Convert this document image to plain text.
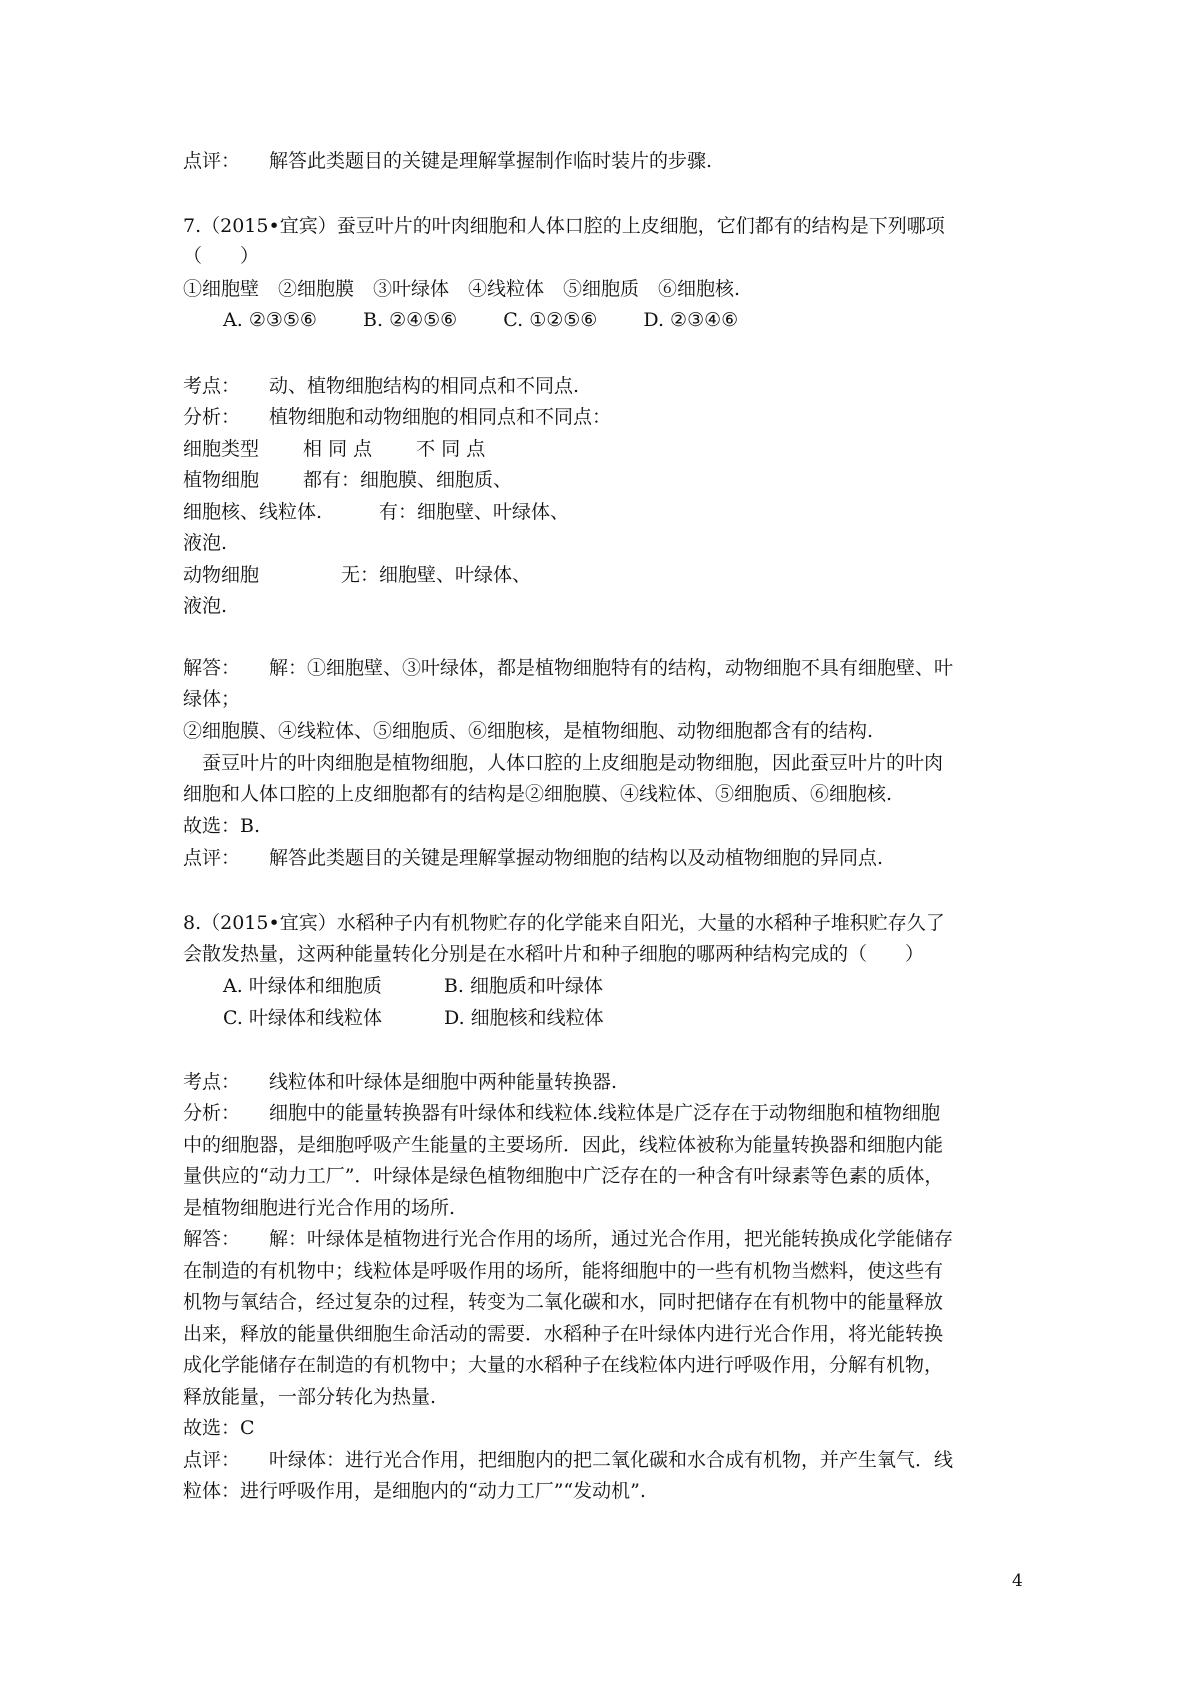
点评： 解答此类题目的关键是理解掌握制作临时装片的步骤.
7.（2015•宜宾）蚕豆叶片的叶肉细胞和人体口腔的上皮细胞，它们都有的结构是下列哪项
（　　）
①细胞壁　②细胞膜　③叶绿体　④线粒体　⑤细胞质　⑥细胞核.
A. ②③⑤⑥ B. ②④⑤⑥ C. ①②⑤⑥ D. ②③④⑥
考点： 动、植物细胞结构的相同点和不同点.
分析： 植物细胞和动物细胞的相同点和不同点：
细胞类型　　 相 同 点　　 不 同 点
植物细胞　　 都有：细胞膜、细胞质、
细胞核、线粒体.　　　有：细胞壁、叶绿体、
液泡.
动物细胞　　　　 无：细胞壁、叶绿体、
液泡.
解答： 解：①细胞壁、③叶绿体，都是植物细胞特有的结构，动物细胞不具有细胞壁、叶
绿体；
②细胞膜、④线粒体、⑤细胞质、⑥细胞核，是植物细胞、动物细胞都含有的结构.
　蚕豆叶片的叶肉细胞是植物细胞，人体口腔的上皮细胞是动物细胞，因此蚕豆叶片的叶肉
细胞和人体口腔的上皮细胞都有的结构是②细胞膜、④线粒体、⑤细胞质、⑥细胞核.
故选：B.
点评： 解答此类题目的关键是理解掌握动物细胞的结构以及动植物细胞的异同点.
8.（2015•宜宾）水稻种子内有机物贮存的化学能来自阳光，大量的水稻种子堆积贮存久了
会散发热量，这两种能量转化分别是在水稻叶片和种子细胞的哪两种结构完成的（　　）
A. 叶绿体和细胞质	B. 细胞质和叶绿体
C. 叶绿体和线粒体	D. 细胞核和线粒体
考点： 线粒体和叶绿体是细胞中两种能量转换器.
分析： 细胞中的能量转换器有叶绿体和线粒体.线粒体是广泛存在于动物细胞和植物细胞
中的细胞器，是细胞呼吸产生能量的主要场所．因此，线粒体被称为能量转换器和细胞内能
量供应的“动力工厂”．叶绿体是绿色植物细胞中广泛存在的一种含有叶绿素等色素的质体，
是植物细胞进行光合作用的场所.
解答： 解：叶绿体是植物进行光合作用的场所，通过光合作用，把光能转换成化学能储存
在制造的有机物中；线粒体是呼吸作用的场所，能将细胞中的一些有机物当燃料，使这些有
机物与氧结合，经过复杂的过程，转变为二氧化碳和水，同时把储存在有机物中的能量释放
出来，释放的能量供细胞生命活动的需要．水稻种子在叶绿体内进行光合作用，将光能转换
成化学能储存在制造的有机物中；大量的水稻种子在线粒体内进行呼吸作用，分解有机物，
释放能量，一部分转化为热量.
故选：C
点评： 叶绿体：进行光合作用，把细胞内的把二氧化碳和水合成有机物，并产生氧气．线
粒体：进行呼吸作用，是细胞内的“动力工厂”“发动机”.
4
